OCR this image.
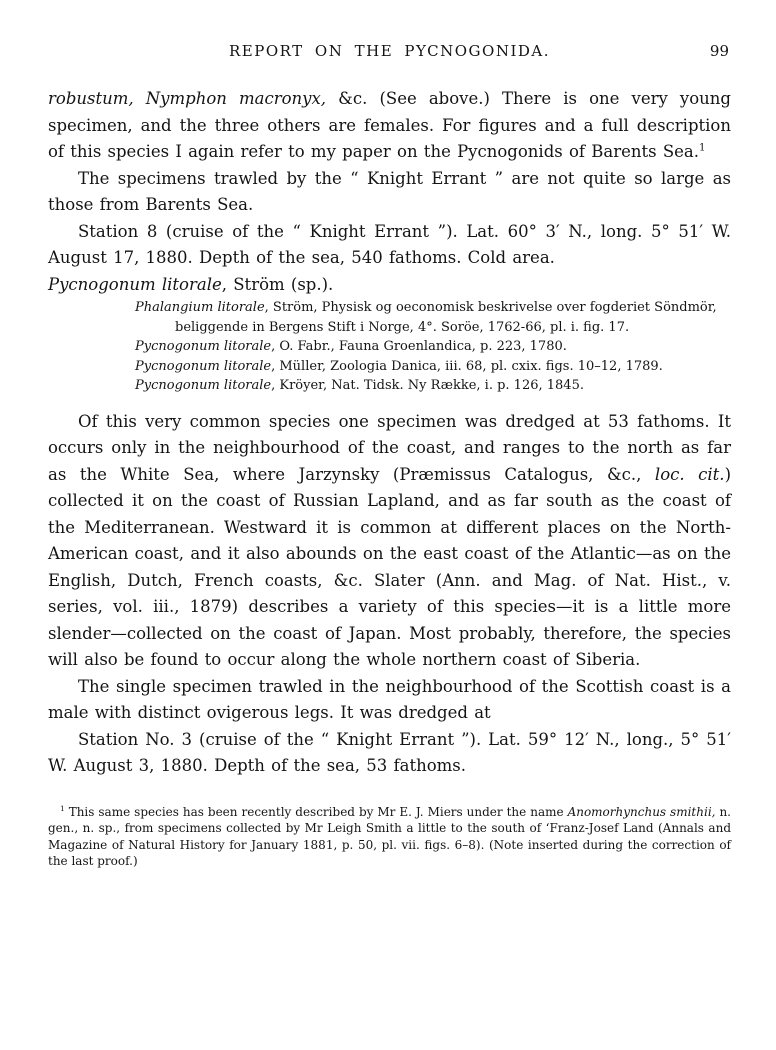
REPORT ON THE PYCNOGONIDA.	99

robustum, Nymphon macronyx, &c. (See above.) There is one very young specimen, and the three others are females. For figures and a full description of this species I again refer to my paper on the Pycnogonids of Barents Sea.$^1$

The specimens trawled by the “ Knight Errant ” are not quite so large as those from Barents Sea.

Station 8 (cruise of the “ Knight Errant ”). Lat. 60° 3′ N., long. 5° 51′ W. August 17, 1880. Depth of the sea, 540 fathoms. Cold area.

Pycnogonum litorale, Ström (sp.).

Phalangium litorale, Ström, Physisk og oeconomisk beskrivelse over fogderiet Söndmör, beliggende in Bergens Stift i Norge, 4°. Soröe, 1762-66, pl. i. fig. 17.

Pycnogonum litorale, O. Fabr., Fauna Groenlandica, p. 223, 1780.

Pycnogonum litorale, Müller, Zoologia Danica, iii. 68, pl. cxix. figs. 10–12, 1789.

Pycnogonum litorale, Kröyer, Nat. Tidsk. Ny Række, i. p. 126, 1845.

Of this very common species one specimen was dredged at 53 fathoms. It occurs only in the neighbourhood of the coast, and ranges to the north as far as the White Sea, where Jarzynsky (Præmissus Catalogus, &c., loc. cit.) collected it on the coast of Russian Lapland, and as far south as the coast of the Mediterranean. Westward it is common at different places on the North-American coast, and it also abounds on the east coast of the Atlantic—as on the English, Dutch, French coasts, &c. Slater (Ann. and Mag. of Nat. Hist., v. series, vol. iii., 1879) describes a variety of this species—it is a little more slender—collected on the coast of Japan. Most probably, therefore, the species will also be found to occur along the whole northern coast of Siberia.

The single specimen trawled in the neighbourhood of the Scottish coast is a male with distinct ovigerous legs. It was dredged at

Station No. 3 (cruise of the “ Knight Errant ”). Lat. 59° 12′ N., long., 5° 51′ W. August 3, 1880. Depth of the sea, 53 fathoms.

$^1$ This same species has been recently described by Mr E. J. Miers under the name Anomorhynchus smithii, n. gen., n. sp., from specimens collected by Mr Leigh Smith a little to the south of ‘Franz-Josef Land (Annals and Magazine of Natural History for January 1881, p. 50, pl. vii. figs. 6–8). (Note inserted during the correction of the last proof.)
